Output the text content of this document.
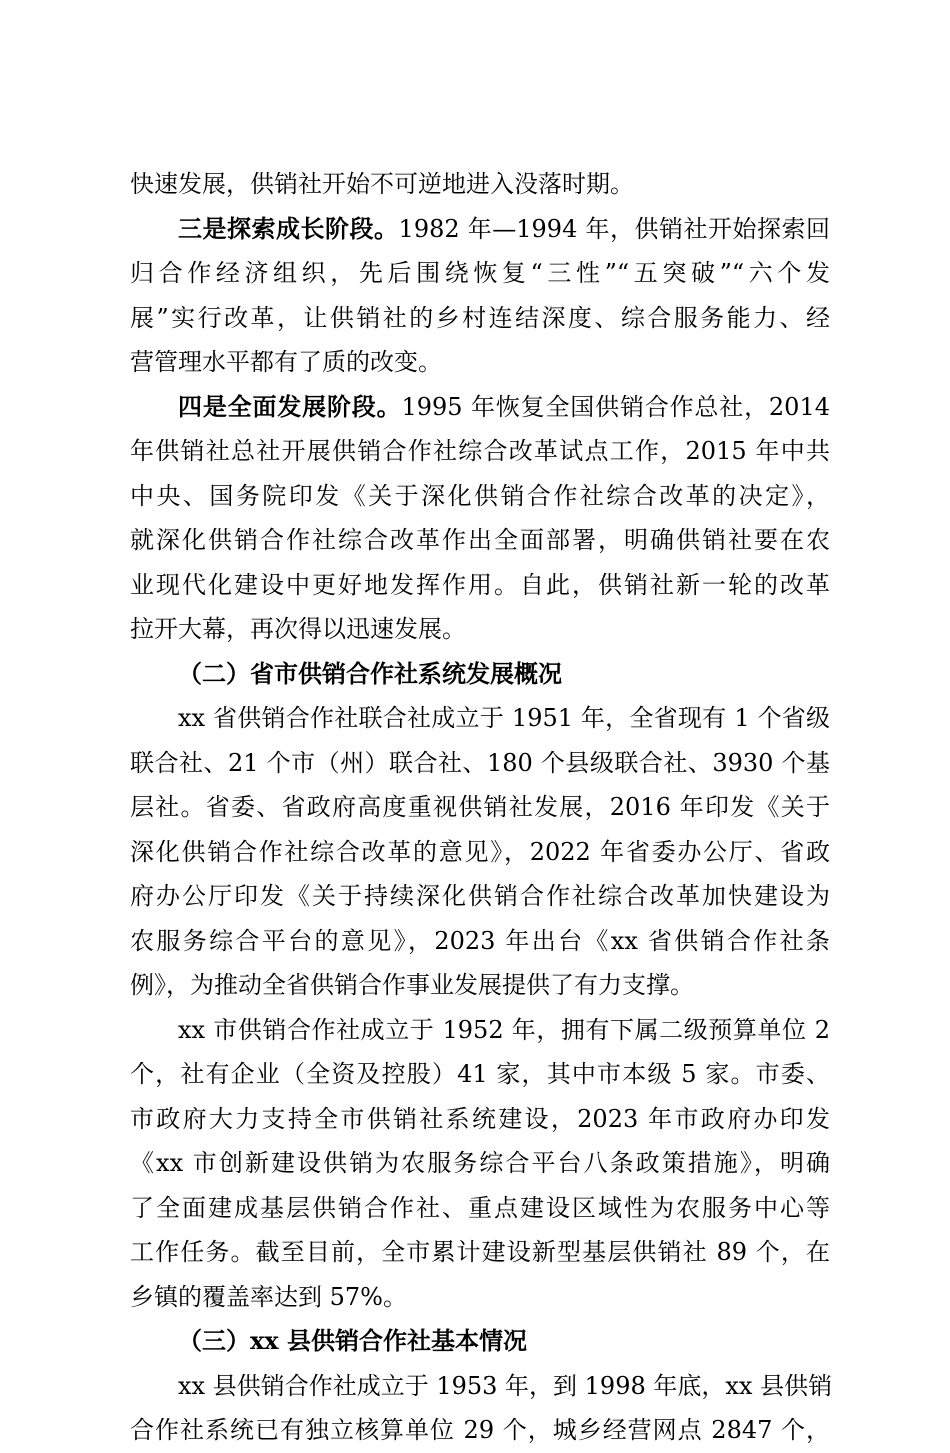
快速发展，供销社开始不可逆地进入没落时期。
三是探索成长阶段。1982 年—1994 年，供销社开始探索回
归合作经济组织，先后围绕恢复“三性”“五突破”“六个发
展”实行改革，让供销社的乡村连结深度、综合服务能力、经
营管理水平都有了质的改变。
四是全面发展阶段。1995 年恢复全国供销合作总社，2014
年供销社总社开展供销合作社综合改革试点工作，2015 年中共
中央、国务院印发《关于深化供销合作社综合改革的决定》，
就深化供销合作社综合改革作出全面部署，明确供销社要在农
业现代化建设中更好地发挥作用。自此，供销社新一轮的改革
拉开大幕，再次得以迅速发展。
（二）省市供销合作社系统发展概况
xx 省供销合作社联合社成立于 1951 年，全省现有 1 个省级
联合社、21 个市（州）联合社、180 个县级联合社、3930 个基
层社。省委、省政府高度重视供销社发展，2016 年印发《关于
深化供销合作社综合改革的意见》，2022 年省委办公厅、省政
府办公厅印发《关于持续深化供销合作社综合改革加快建设为
农服务综合平台的意见》，2023 年出台《xx 省供销合作社条
例》，为推动全省供销合作事业发展提供了有力支撑。
xx 市供销合作社成立于 1952 年，拥有下属二级预算单位 2
个，社有企业（全资及控股）41 家，其中市本级 5 家。市委、
市政府大力支持全市供销社系统建设，2023 年市政府办印发
《xx 市创新建设供销为农服务综合平台八条政策措施》，明确
了全面建成基层供销合作社、重点建设区域性为农服务中心等
工作任务。截至目前，全市累计建设新型基层供销社 89 个，在
乡镇的覆盖率达到 57%。
（三）xx 县供销合作社基本情况
xx 县供销合作社成立于 1953 年，到 1998 年底，xx 县供销
合作社系统已有独立核算单位 29 个，城乡经营网点 2847 个，
